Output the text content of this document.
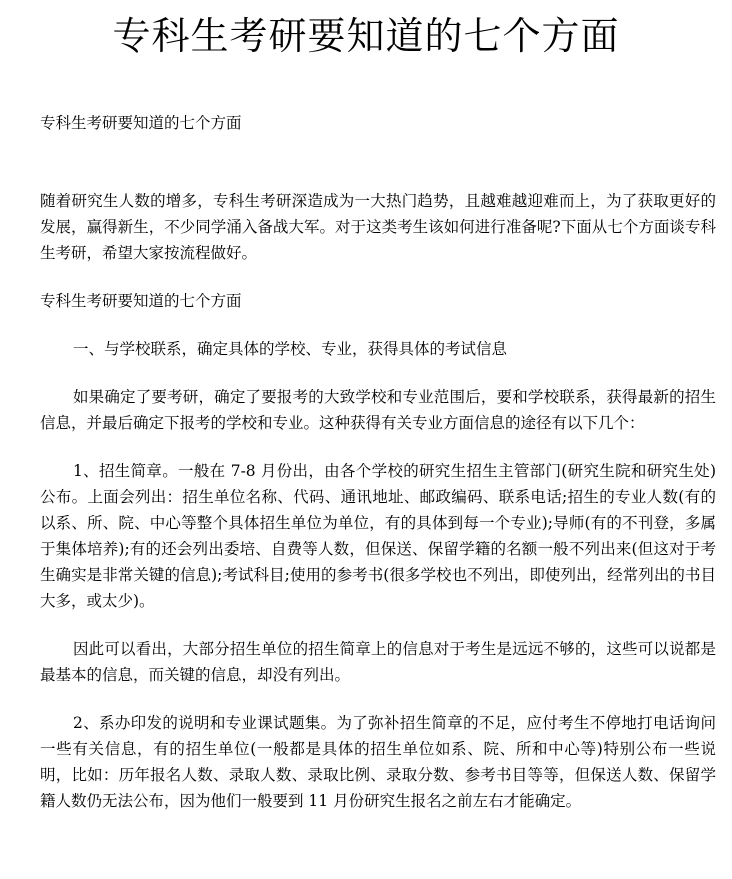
专科生考研要知道的七个方面

专科生考研要知道的七个方面

随着研究生人数的增多，专科生考研深造成为一大热门趋势，且越难越迎难而上，为了获取更好的发展，赢得新生，不少同学涌入备战大军。对于这类考生该如何进行准备呢?下面从七个方面谈专科生考研，希望大家按流程做好。

专科生考研要知道的七个方面

一、与学校联系，确定具体的学校、专业，获得具体的考试信息

如果确定了要考研，确定了要报考的大致学校和专业范围后，要和学校联系，获得最新的招生信息，并最后确定下报考的学校和专业。这种获得有关专业方面信息的途径有以下几个：

1、招生简章。一般在 7-8 月份出，由各个学校的研究生招生主管部门(研究生院和研究生处)公布。上面会列出：招生单位名称、代码、通讯地址、邮政编码、联系电话;招生的专业人数(有的以系、所、院、中心等整个具体招生单位为单位，有的具体到每一个专业);导师(有的不刊登，多属于集体培养);有的还会列出委培、自费等人数，但保送、保留学籍的名额一般不列出来(但这对于考生确实是非常关键的信息);考试科目;使用的参考书(很多学校也不列出，即使列出，经常列出的书目大多，或太少)。

因此可以看出，大部分招生单位的招生简章上的信息对于考生是远远不够的，这些可以说都是最基本的信息，而关键的信息，却没有列出。

2、系办印发的说明和专业课试题集。为了弥补招生简章的不足，应付考生不停地打电话询问一些有关信息，有的招生单位(一般都是具体的招生单位如系、院、所和中心等)特别公布一些说明，比如：历年报名人数、录取人数、录取比例、录取分数、参考书目等等，但保送人数、保留学籍人数仍无法公布，因为他们一般要到 11 月份研究生报名之前左右才能确定。
